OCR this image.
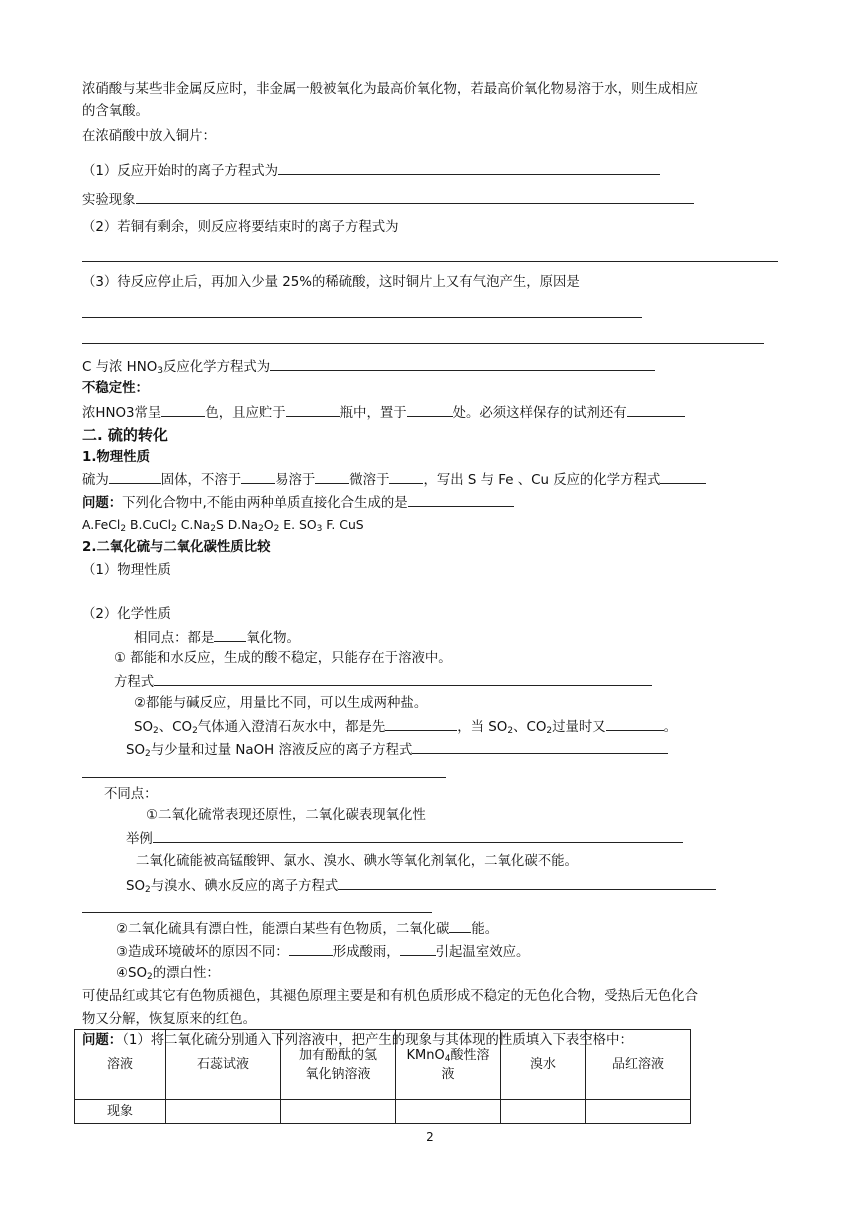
浓硝酸与某些非金属反应时，非金属一般被氧化为最高价氧化物，若最高价氧化物易溶于水，则生成相应
的含氧酸。
在浓硝酸中放入铜片：
（1）反应开始时的离子方程式为
实验现象
（2）若铜有剩余，则反应将要结束时的离子方程式为
（3）待反应停止后，再加入少量 25%的稀硫酸，这时铜片上又有气泡产生，原因是
C 与浓 $HNO_3$反应化学方程式为
不稳定性：
浓HNO3常呈	色，且应贮于	瓶中，置于	处。必须这样保存的试剂还有
二. 硫的转化
1.物理性质
硫为	固体，不溶于	易溶于	微溶于	，写出 S 与 Fe 、Cu 反应的化学方程式
问题：下列化合物中,不能由两种单质直接化合生成的是
A.FeCl$_2$ B.CuCl$_2$ $C.Na_2S$ $D.Na_2O_2$ E. $SO_3$ F. CuS
2.二氧化硫与二氧化碳性质比较
（1）物理性质
（2）化学性质
相同点：都是 氧化物。
① 都能和水反应，生成的酸不稳定，只能存在于溶液中。
方程式
②都能与碱反应，用量比不同，可以生成两种盐。
$SO_2$、$CO_2$气体通入澄清石灰水中，都是先	，当 $SO_2$、$CO_2$过量时又	。
$SO_2$与少量和过量 NaOH 溶液反应的离子方程式
不同点：
①二氧化硫常表现还原性，二氧化碳表现氧化性
举例
二氧化硫能被高锰酸钾、氯水、溴水、碘水等氧化剂氧化，二氧化碳不能。
$SO_2$与溴水、碘水反应的离子方程式
②二氧化硫具有漂白性，能漂白某些有色物质，二氧化碳 能。
③造成环境破坏的原因不同：	形成酸雨，	引起温室效应。
$④SO_2$的漂白性：
可使品红或其它有色物质褪色，其褪色原理主要是和有机色质形成不稳定的无色化合物，受热后无色化合
物又分解，恢复原来的红色。
问题：（1）将二氧化硫分别通入下列溶液中，把产生的现象与其体现的性质填入下表空格中：
溶液	石蕊试液	加有酚酞的氢
氧化钠溶液	KMnO$_4$酸性溶
液	溴水	品红溶液
现象					
2
